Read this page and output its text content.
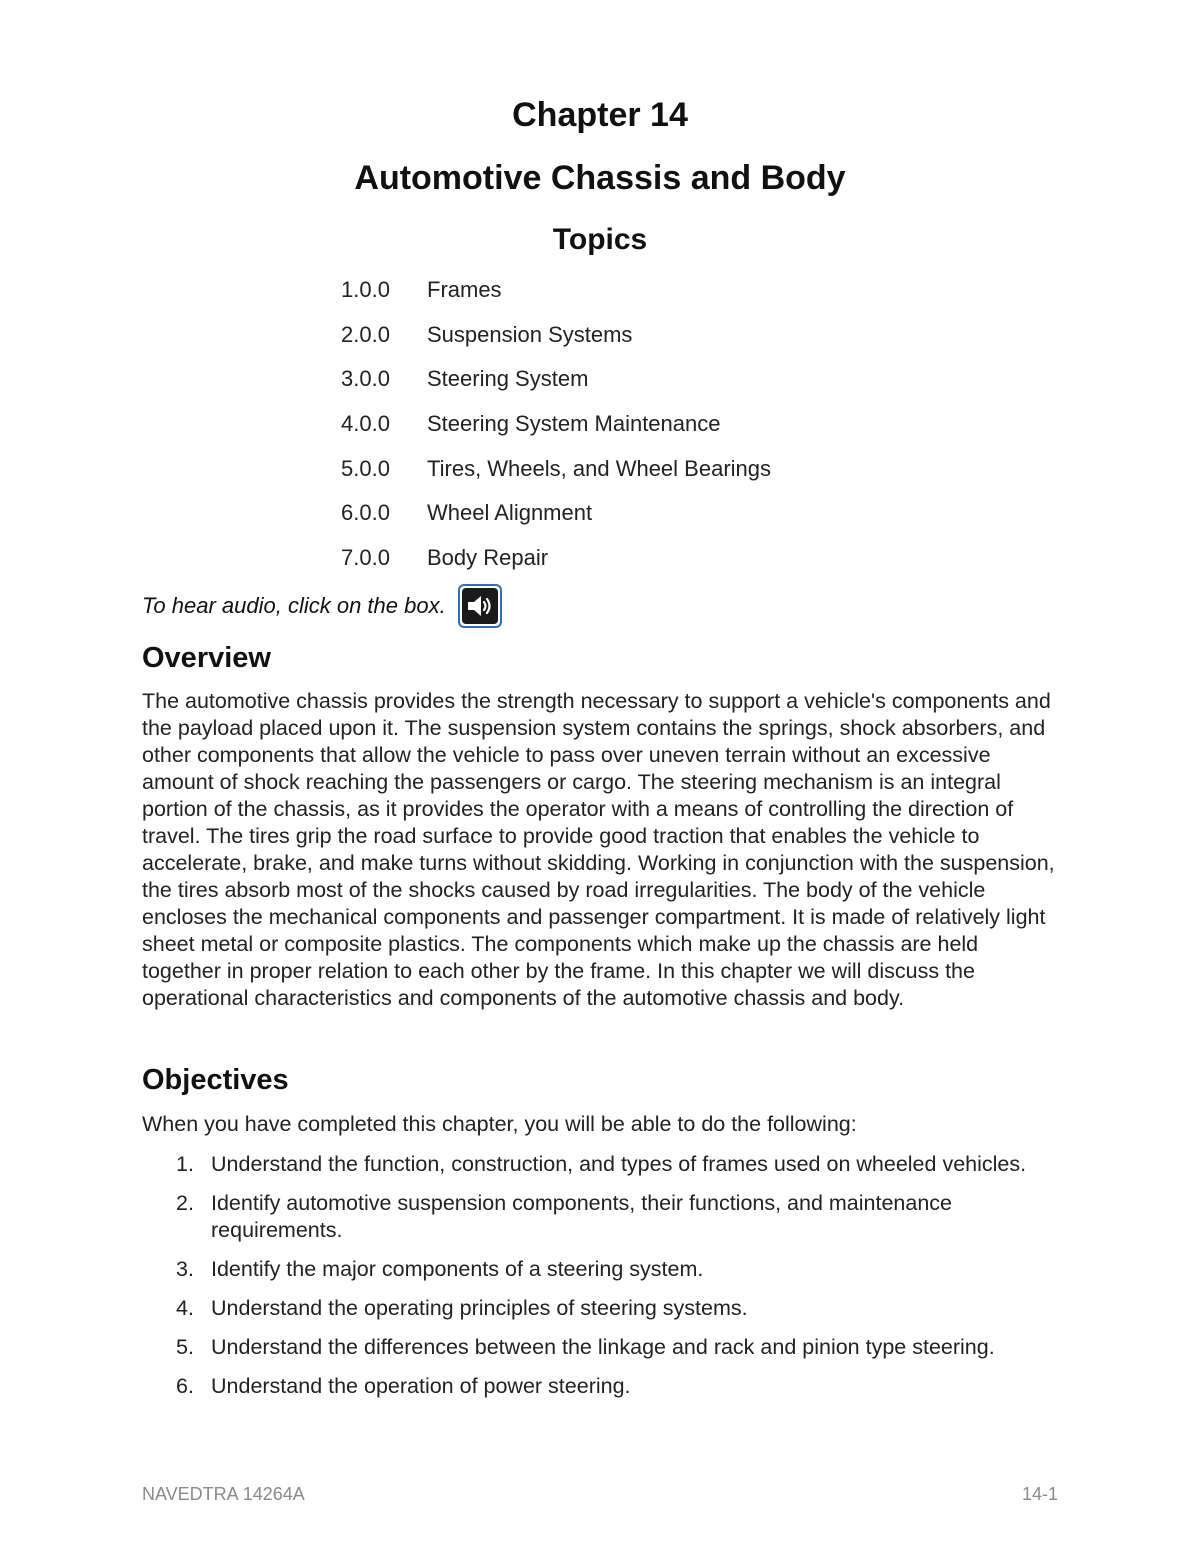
Chapter 14
Automotive Chassis and Body
Topics
1.0.0 Frames
2.0.0 Suspension Systems
3.0.0 Steering System
4.0.0 Steering System Maintenance
5.0.0 Tires, Wheels, and Wheel Bearings
6.0.0 Wheel Alignment
7.0.0 Body Repair
To hear audio, click on the box.
Overview

The automotive chassis provides the strength necessary to support a vehicle's components and the payload placed upon it. The suspension system contains the springs, shock absorbers, and other components that allow the vehicle to pass over uneven terrain without an excessive amount of shock reaching the passengers or cargo. The steering mechanism is an integral portion of the chassis, as it provides the operator with a means of controlling the direction of travel. The tires grip the road surface to provide good traction that enables the vehicle to accelerate, brake, and make turns without skidding. Working in conjunction with the suspension, the tires absorb most of the shocks caused by road irregularities. The body of the vehicle encloses the mechanical components and passenger compartment. It is made of relatively light sheet metal or composite plastics. The components which make up the chassis are held together in proper relation to each other by the frame. In this chapter we will discuss the operational characteristics and components of the automotive chassis and body.

Objectives

When you have completed this chapter, you will be able to do the following:

1. Understand the function, construction, and types of frames used on wheeled vehicles.
2. Identify automotive suspension components, their functions, and maintenance requirements.
3. Identify the major components of a steering system.
4. Understand the operating principles of steering systems.
5. Understand the differences between the linkage and rack and pinion type steering.
6. Understand the operation of power steering.
NAVEDTRA 14264A	14-1
